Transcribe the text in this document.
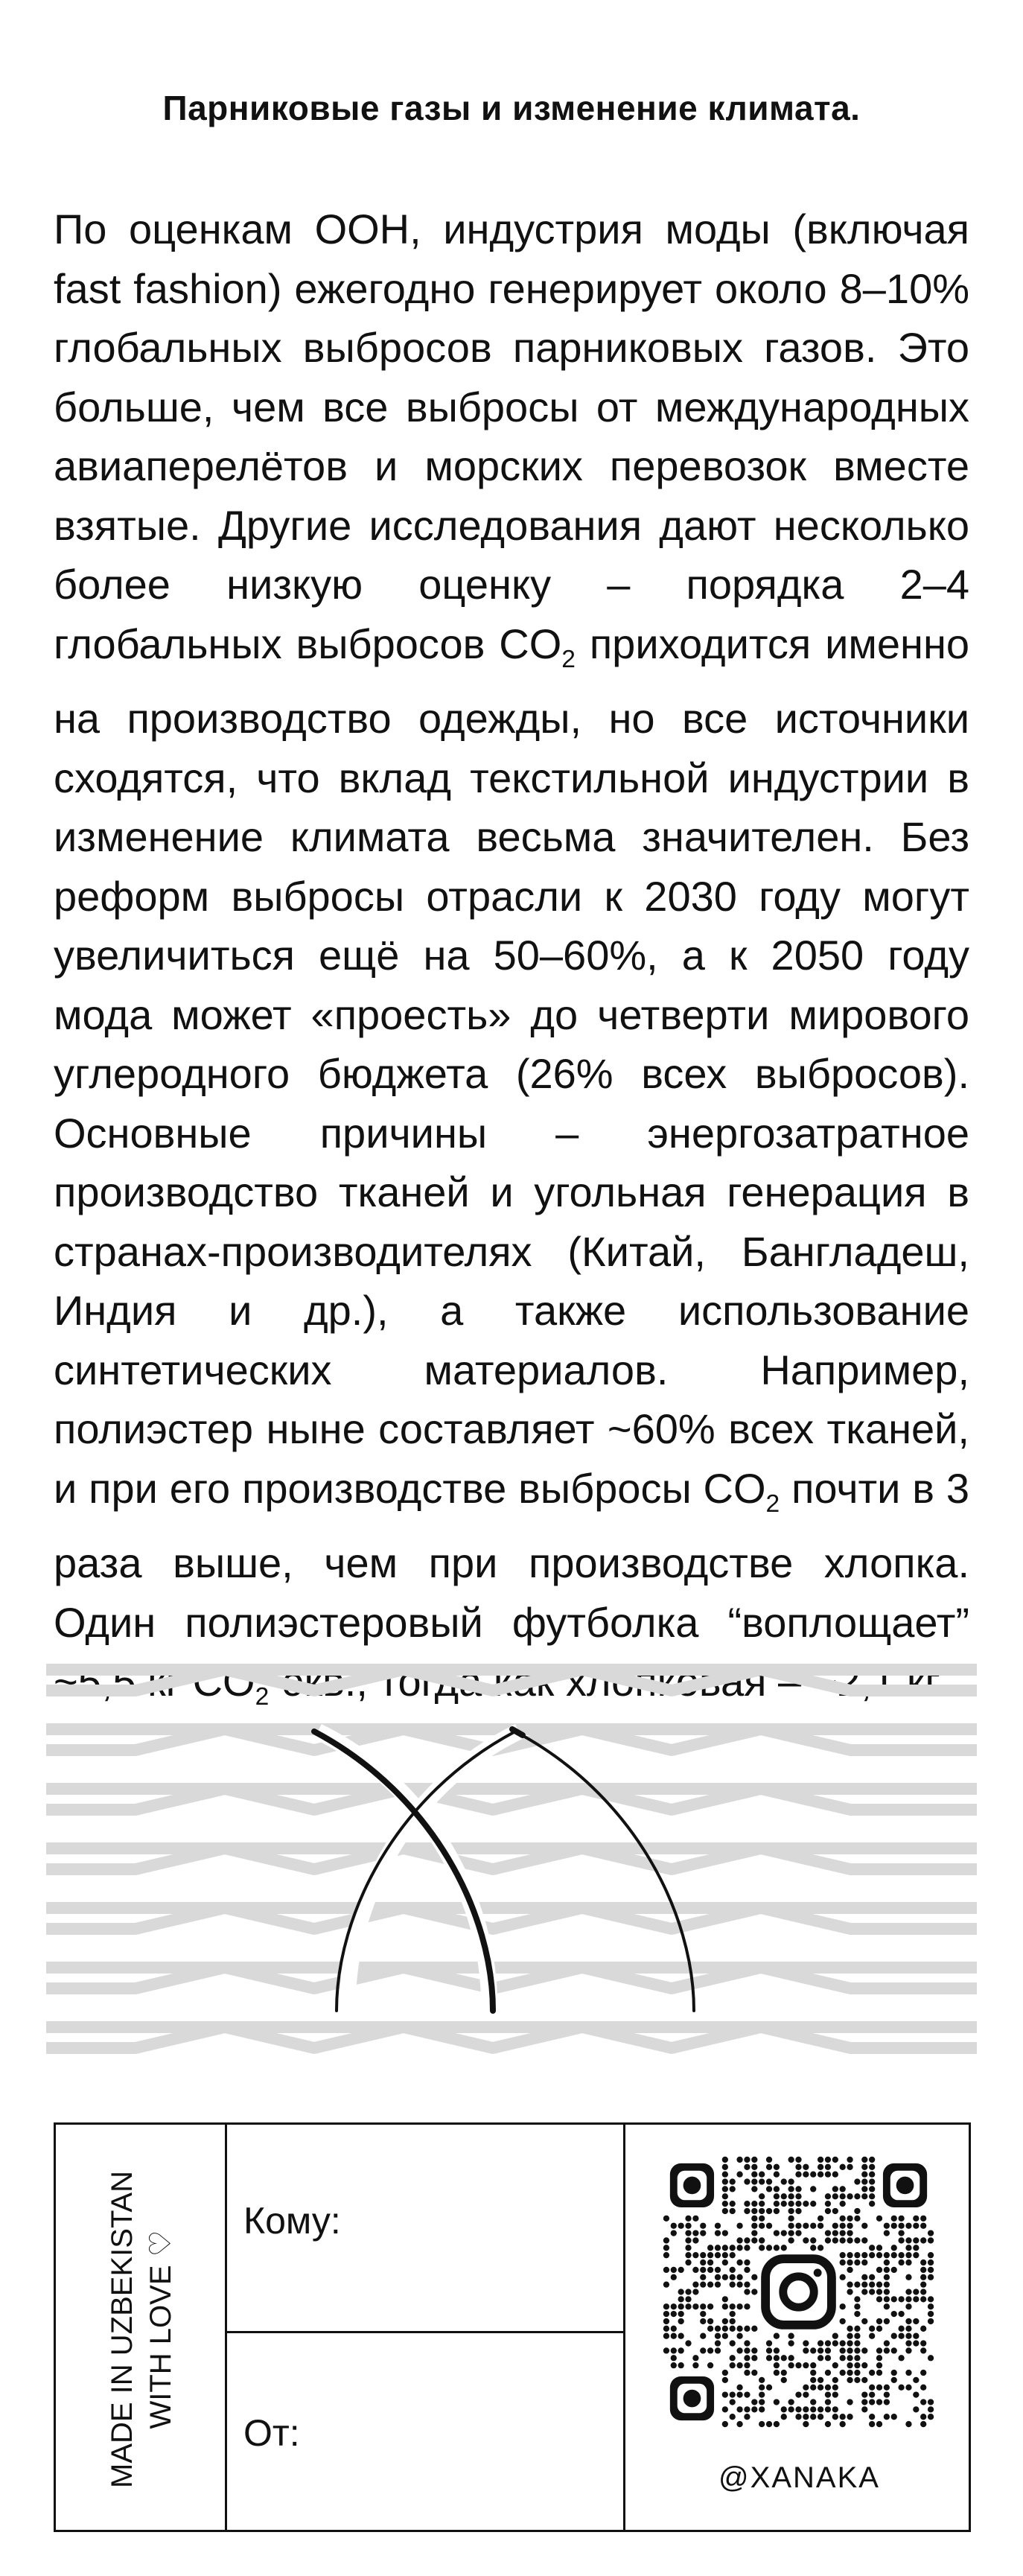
Парниковые газы и изменение климата.
По оценкам ООН, индустрия моды (включая fast fashion) ежегодно генерирует около 8–10% глобальных выбросов парниковых газов. Это больше, чем все выбросы от международных авиаперелётов и морских перевозок вместе взятые. Другие исследования дают несколько более низкую оценку – порядка 2–4 глобальных выбросов $CO_2$ приходится именно на производство одежды, но все источники сходятся, что вклад текстильной индустрии в изменение климата весьма значителен. Без реформ выбросы отрасли к 2030 году могут увеличиться ещё на 50–60%, а к 2050 году мода может «проесть» до четверти мирового углеродного бюджета (26% всех выбросов). Основные причины – энергозатратное производство тканей и угольная генерация в странах-производителях (Китай, Бангладеш, Индия и др.), а также использование синтетических материалов. Например, полиэстер ныне составляет ~60% всех тканей, и при его производстве выбросы $CO_2$ почти в 3 раза выше, чем при производстве хлопка. Один полиэстеровый футболка “воплощает” ~5,5 кг $CO_2$-экв., тогда как хлопковая – ~2,1 кг.
MADE IN UZBEKISTAN WITH LOVE ♡
Кому:
От:
@XANAKA
